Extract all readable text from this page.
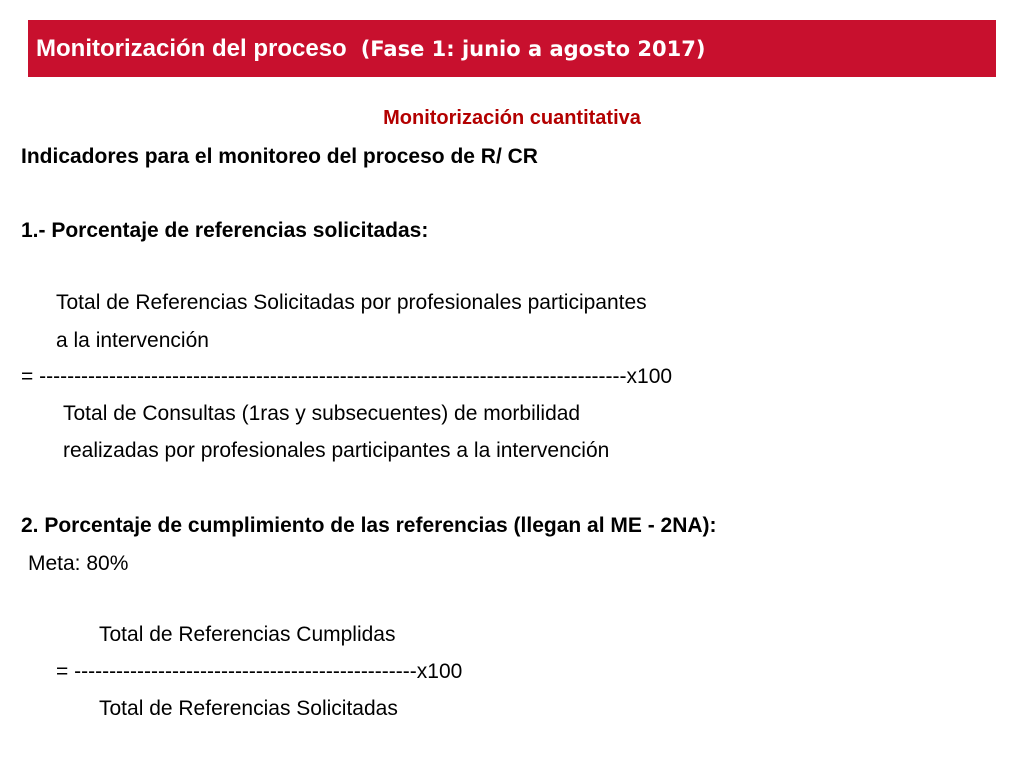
Monitorización del proceso (Fase 1: junio a agosto 2017)
Monitorización cuantitativa
Indicadores para el monitoreo del proceso de R/ CR
1.- Porcentaje de referencias solicitadas:
Total de Referencias Solicitadas por profesionales participantes
a la intervención
= ------------------------------------------------------------------------------------x100
Total de Consultas (1ras y subsecuentes) de morbilidad
realizadas por profesionales participantes a la intervención
2. Porcentaje de cumplimiento de las referencias (llegan al ME - 2NA):
Meta: 80%
Total de Referencias Cumplidas
= -------------------------------------------------x100
Total de Referencias Solicitadas
